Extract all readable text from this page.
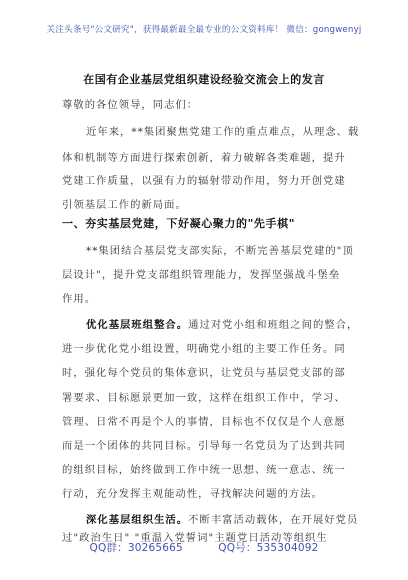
关注头条号"公文研究"，获得最新最全最专业的公文资料库！ 微信：gongwenyj
在国有企业基层党组织建设经验交流会上的发言
尊敬的各位领导，同志们：
近年来，**集团聚焦党建工作的重点难点，从理念、载
体和机制等方面进行探索创新，着力破解各类难题，提升
党建工作质量，以强有力的辐射带动作用，努力开创党建
引领基层工作的新局面。
一、夯实基层党建，下好凝心聚力的"先手棋"
**集团结合基层党支部实际，不断完善基层党建的"顶
层设计"，提升党支部组织管理能力，发挥坚强战斗堡垒
作用。
优化基层班组整合。通过对党小组和班组之间的整合，
进一步优化党小组设置，明确党小组的主要工作任务。同
时，强化每个党员的集体意识，让党员与基层党支部的部
署要求、目标愿景更加一致，这样在组织工作中，学习、
管理、日常不再是个人的事情，目标也不仅仅是个人意愿
而是一个团体的共同目标。引导每一名党员为了达到共同
的组织目标，始终做到工作中统一思想、统一意志、统一
行动，充分发挥主观能动性，寻找解决问题的方法。
深化基层组织生活。不断丰富活动载体，在开展好党员
过"政治生日" "重温入党誓词"主题党日活动等组织生
QQ群：30265665          QQ号：535304092
